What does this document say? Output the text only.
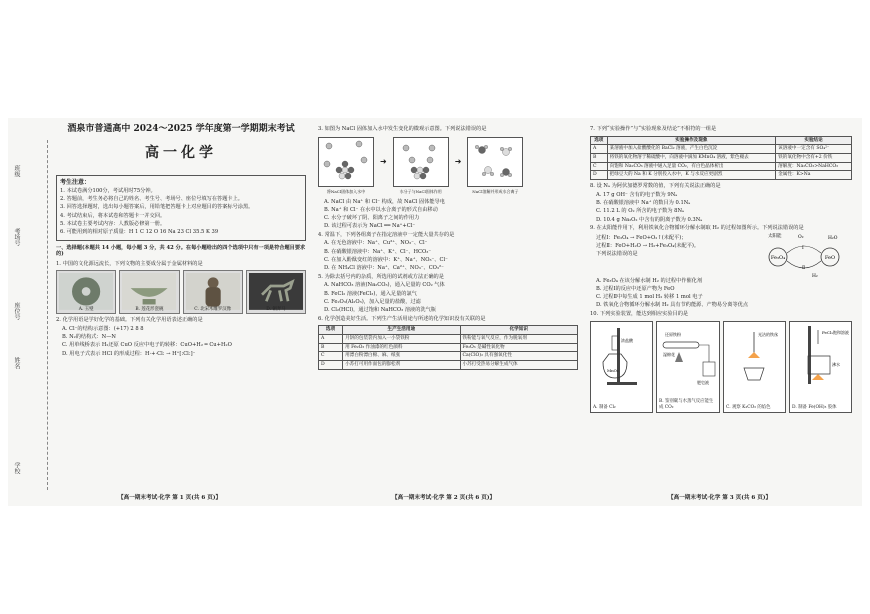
班级
考场号
座位号
姓名
学校
酒泉市普通高中 2024～2025 学年度第一学期期末考试
高一化学
考生注意：
1. 本试卷满分100分，考试用时75分钟。
2. 答题前，考生务必将自己的姓名、考生号、考场号、座位号填写在答题卡上。
3. 回答选择题时，选出每小题答案后，用铅笔把答题卡上对应题目的答案标号涂黑。
4. 考试结束后，将本试卷和答题卡一并交回。
5. 本试卷主要考试内容：人教版必修第一册。
6. 可能用到的相对原子质量：H 1 C 12 O 16 Na 23 Cl 35.5 K 39
一、选择题(本题共 14 小题，每小题 3 分，共 42 分。在每小题给出的四个选项中只有一项是符合题目要求的)
1. 中国的文化源远流长，下列文物的主要成分属于金属材料的是
A. 玉璧	B. 莲花形瓷碗	C. 北宋木雕罗汉像	D. 铜奔马
2. 化学用语是学好化学的基础。下列有关化学用语表述正确的是
A. Cl⁻的结构示意图：(+17) 2 8 8
B. N₂的结构式：N—N
C. 用单线桥表示 H₂还原 CuO 反应中电子的转移：CuO+H₂ ═ Cu+H₂O
D. 用电子式表示 HCl 的形成过程：H·+·Cl: → H⁺[:Cl:]⁻
【高一期末考试·化学 第 1 页(共 6 页)】
3. 如图为 NaCl 固体加入水中发生变化的微观示意图。下列说法错误的是
将NaCl固体加入水中
➜
水分子与NaCl固体作用
➜
NaCl溶解并形成水合离子
A. NaCl 由 Na⁺ 和 Cl⁻ 构成，故 NaCl 固体能导电
B. Na⁺ 和 Cl⁻ 在水中以水合离子的形式自由移动
C. 水分子破坏了阴、阳离子之间的作用力
D. 该过程可表示为 NaCl ══ Na⁺+Cl⁻
4. 常温下，下列各组离子在指定溶液中一定能大量共存的是
A. 在无色溶液中：Na⁺、Cu²⁺、NO₃⁻、Cl⁻
B. 在硝酸银溶液中：Na⁺、K⁺、Cl⁻、HCO₃⁻
C. 在加入酚酞变红的溶液中：K⁺、Na⁺、NO₃⁻、Cl⁻
D. 在 NH₄Cl 溶液中：Na⁺、Ca²⁺、NO₃⁻、CO₃²⁻
5. 为除去括号内的杂质，所选用的试剂或方法正确的是
A. NaHCO₃ 溶液(Na₂CO₃)，通入足量的 CO₂ 气体
B. FeCl₂ 溶液(FeCl₃)，通入足量的氯气
C. Fe₂O₃(Al₂O₃)，加入足量的盐酸，过滤
D. Cl₂(HCl)，通过饱和 NaHCO₃ 溶液的洗气瓶
6. 化学创造美好生活。下列生产生活用途与所述的化学知识没有关联的是
选项	生产生活用途	化学知识
A	月饼的包装袋内加入一小袋铁粉	铁粉能与氧气反应，作为脱氧剂
B	用 Fe₂O₃ 作油漆的红色颜料	Fe₂O₃ 是碱性氧化物
C	用漂白粉漂白棉、麻、纸张	Ca(ClO)₂ 具有强氧化性
D	小苏打可用作面包的膨松剂	小苏打受热易分解生成气体
【高一期末考试·化学 第 2 页(共 6 页)】
7. 下列“实验操作”与“实验现象及结论”不相符的一组是
选项	实验操作及现象	实验结论
A	某溶液中加入盐酸酸化的 BaCl₂ 溶液，产生白色沉淀	该溶液中一定含有 SO₄²⁻
B	将铁的氧化物溶于稀硫酸中，向溶液中滴加 KMnO₄ 溶液，紫色褪去	铁的氧化物中含有+2 价铁
C	向饱和 Na₂CO₃ 溶液中通入足量 CO₂，有白色晶体析出	溶解度：Na₂CO₃>NaHCO₃
D	把绿豆大的 Na 和 K 分别投入水中，K 与水反应更剧烈	金属性：K>Na
8. 设 Nₐ 为阿伏加德罗常数的值，下列有关说法正确的是
A. 17 g OH⁻ 含有的电子数为 9Nₐ
B. 在硝酸银溶液中 Na⁺ 的数目为 0.1Nₐ
C. 11.2 L 的 O₂ 所含的电子数为 8Nₐ
D. 10.4 g Na₂O₂ 中含有的阴离子数为 0.3Nₐ
9. 在太阳能作用下，利用铁氧化合物循环分解水制取 H₂ 的过程如图所示。下列说法错误的是
过程Ⅰ：Fe₃O₄ → FeO+O₂↑(未配平)；
过程Ⅱ：FeO+H₂O → H₂+Fe₃O₄(未配平)。
下列说法错误的是
Fe₃O₄	FeO
太阳能	O₂	H₂O
H₂
Ⅰ
Ⅱ
A. Fe₃O₄ 在该分解水制 H₂ 的过程中作催化剂
B. 过程Ⅰ的反应中还原产物为 FeO
C. 过程Ⅱ中每生成 1 mol H₂ 转移 1 mol 电子
D. 铁氧化合物循环分解水制 H₂ 具有节约能源、产物易分离等优点
10. 下列实验装置，能达到相应实验目的是
浓盐酸
MnO₂
A. 制备 Cl₂
还原铁粉
湿棉花
肥皂液
B. 鉴别碳与水蒸气反应能生成 CO₂
光洁的铁丝
C. 观察 K₂CO₃ 的焰色
FeCl₃饱和溶液
沸水
D. 制备 Fe(OH)₃ 胶体
【高一期末考试·化学 第 3 页(共 6 页)】
